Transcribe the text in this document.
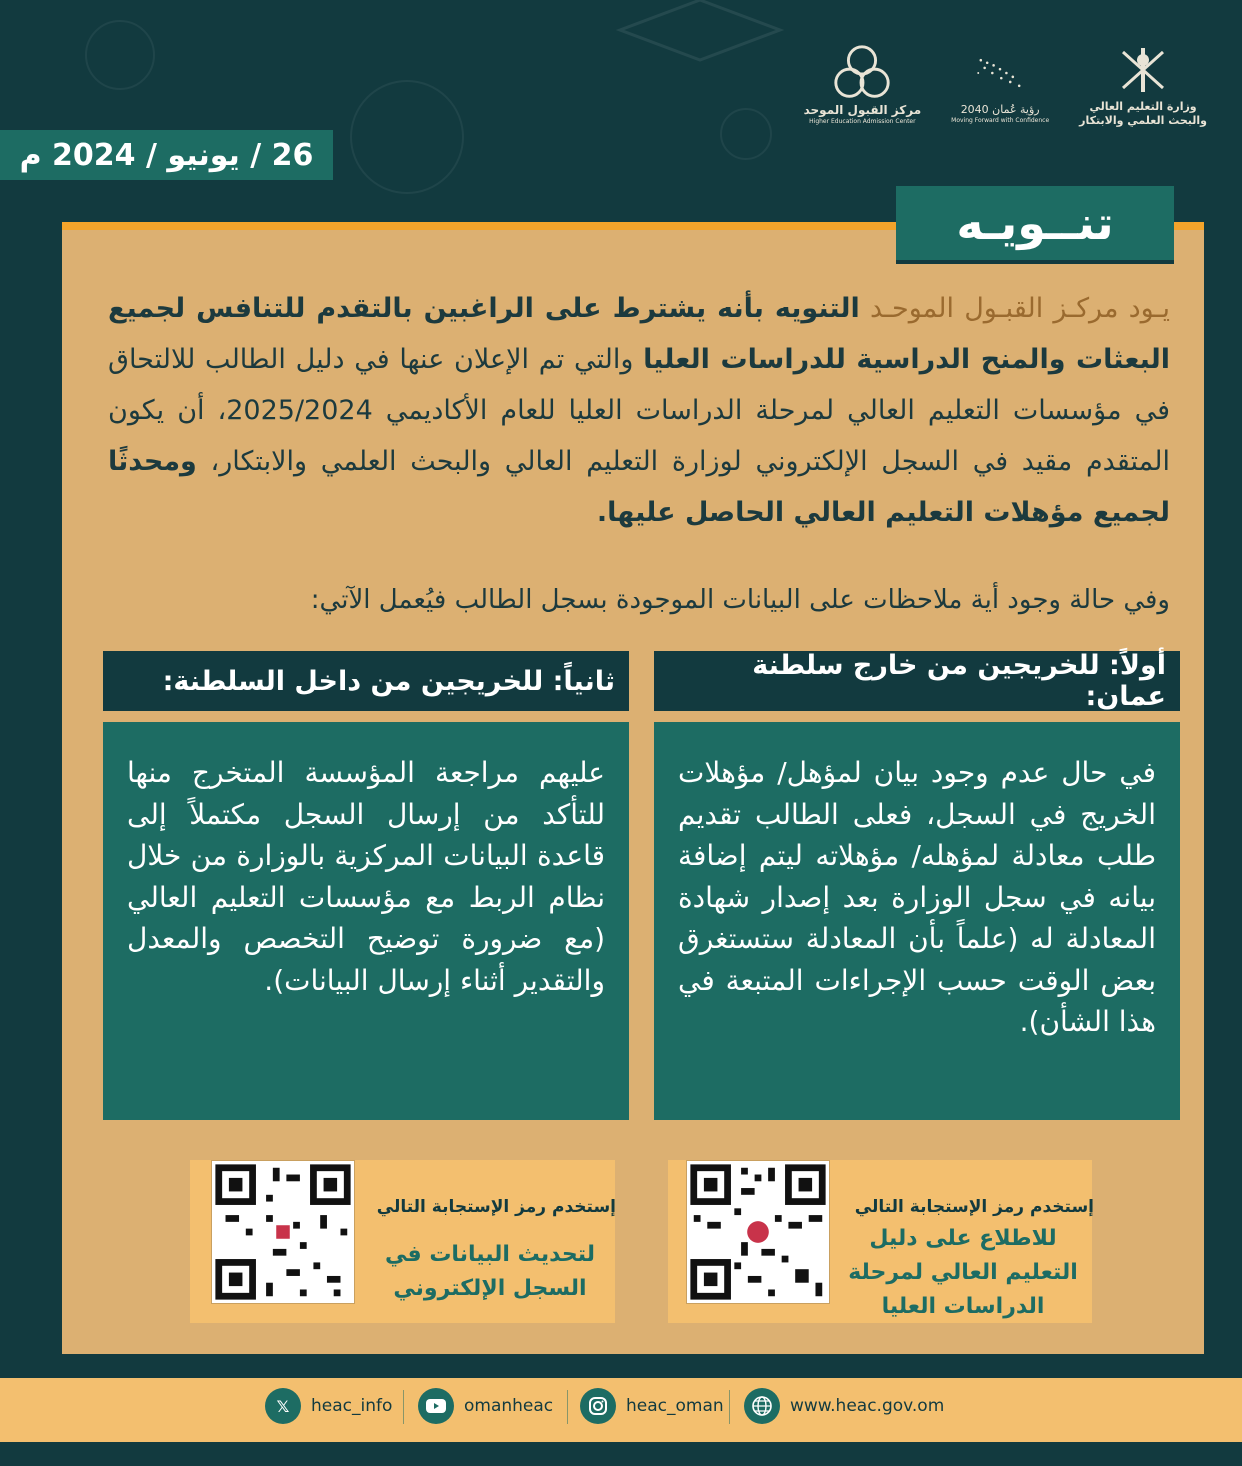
مركز القبول الموحد
Higher Education Admission Center
رؤية عُمان 2040
Moving Forward with Confidence
وزارة التعليم العالي
والبحث العلمي والابتكار
26 / يونيو / 2024 م
تنــويـه

يـود مركـز القبـول الموحـد التنويه بأنه يشترط على الراغبين بالتقدم للتنافس لجميع البعثات والمنح الدراسية للدراسات العليا والتي تم الإعلان عنها في دليل الطالب للالتحاق في مؤسسات التعليم العالي لمرحلة الدراسات العليا للعام الأكاديمي 2025/2024، أن يكون المتقدم مقيد في السجل الإلكتروني لوزارة التعليم العالي والبحث العلمي والابتكار، ومحدثًا لجميع مؤهلات التعليم العالي الحاصل عليها.

وفي حالة وجود أية ملاحظات على البيانات الموجودة بسجل الطالب فيُعمل الآتي:

أولاً: للخريجين من خارج سلطنة عمان:
في حال عدم وجود بيان لمؤهل/ مؤهلات الخريج في السجل، فعلى الطالب تقديم طلب معادلة لمؤهله/ مؤهلاته ليتم إضافة بيانه في سجل الوزارة بعد إصدار شهادة المعادلة له (علماً بأن المعادلة ستستغرق بعض الوقت حسب الإجراءات المتبعة في هذا الشأن).
ثانياً: للخريجين من داخل السلطنة:
عليهم مراجعة المؤسسة المتخرج منها للتأكد من إرسال السجل مكتملاً إلى قاعدة البيانات المركزية بالوزارة من خلال نظام الربط مع مؤسسات التعليم العالي (مع ضرورة توضيح التخصص والمعدل والتقدير أثناء إرسال البيانات).
إستخدم رمز الإستجابة التالي
للاطلاع على دليل التعليم العالي لمرحلة الدراسات العليا
إستخدم رمز الإستجابة التالي
لتحديث البيانات في السجل الإلكتروني
𝕏	heac_info	omanheac	heac_oman	www.heac.gov.om
